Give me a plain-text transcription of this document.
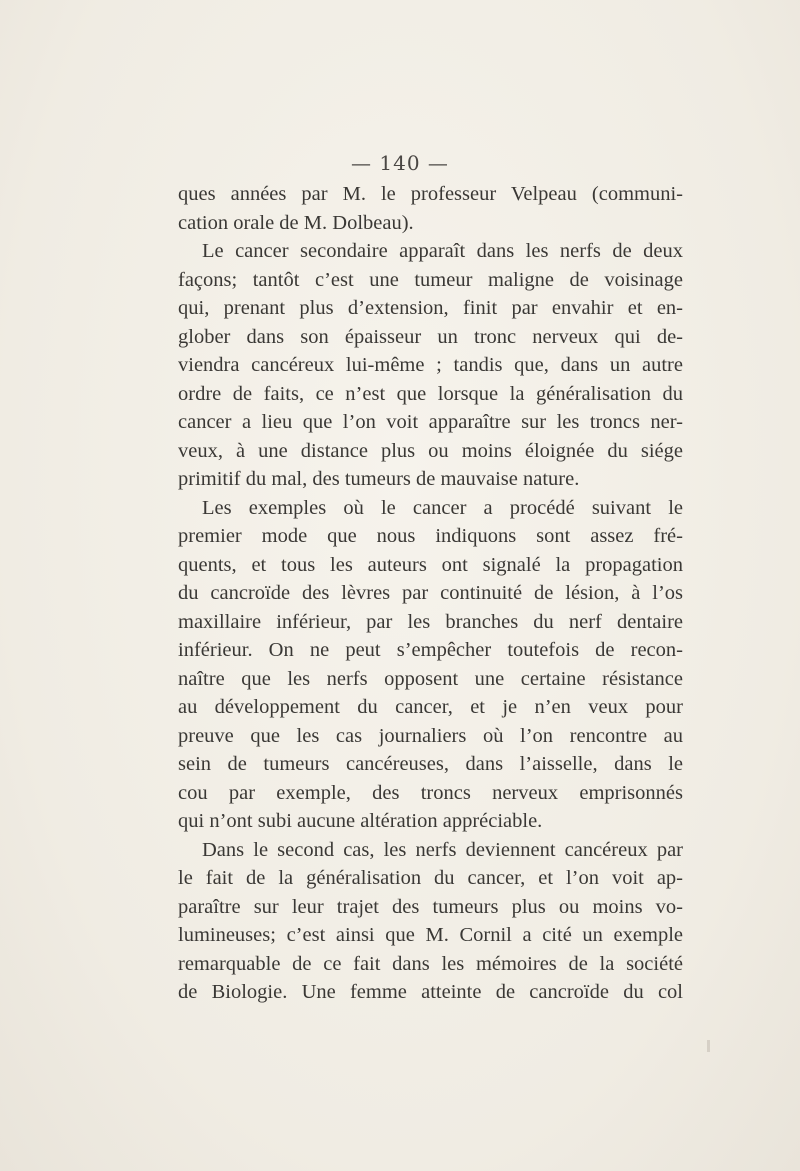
— 140 —
ques années par M. le professeur Velpeau (communi-
cation orale de M. Dolbeau).
Le cancer secondaire apparaît dans les nerfs de deux
façons; tantôt c’est une tumeur maligne de voisinage
qui, prenant plus d’extension, finit par envahir et en-
glober dans son épaisseur un tronc nerveux qui de-
viendra cancéreux lui-même ; tandis que, dans un autre
ordre de faits, ce n’est que lorsque la généralisation du
cancer a lieu que l’on voit apparaître sur les troncs ner-
veux, à une distance plus ou moins éloignée du siége
primitif du mal, des tumeurs de mauvaise nature.
Les exemples où le cancer a procédé suivant le
premier mode que nous indiquons sont assez fré-
quents, et tous les auteurs ont signalé la propagation
du cancroïde des lèvres par continuité de lésion, à l’os
maxillaire inférieur, par les branches du nerf dentaire
inférieur. On ne peut s’empêcher toutefois de recon-
naître que les nerfs opposent une certaine résistance
au développement du cancer, et je n’en veux pour
preuve que les cas journaliers où l’on rencontre au
sein de tumeurs cancéreuses, dans l’aisselle, dans le
cou par exemple, des troncs nerveux emprisonnés
qui n’ont subi aucune altération appréciable.
Dans le second cas, les nerfs deviennent cancéreux par
le fait de la généralisation du cancer, et l’on voit ap-
paraître sur leur trajet des tumeurs plus ou moins vo-
lumineuses; c’est ainsi que M. Cornil a cité un exemple
remarquable de ce fait dans les mémoires de la société
de Biologie. Une femme atteinte de cancroïde du col
